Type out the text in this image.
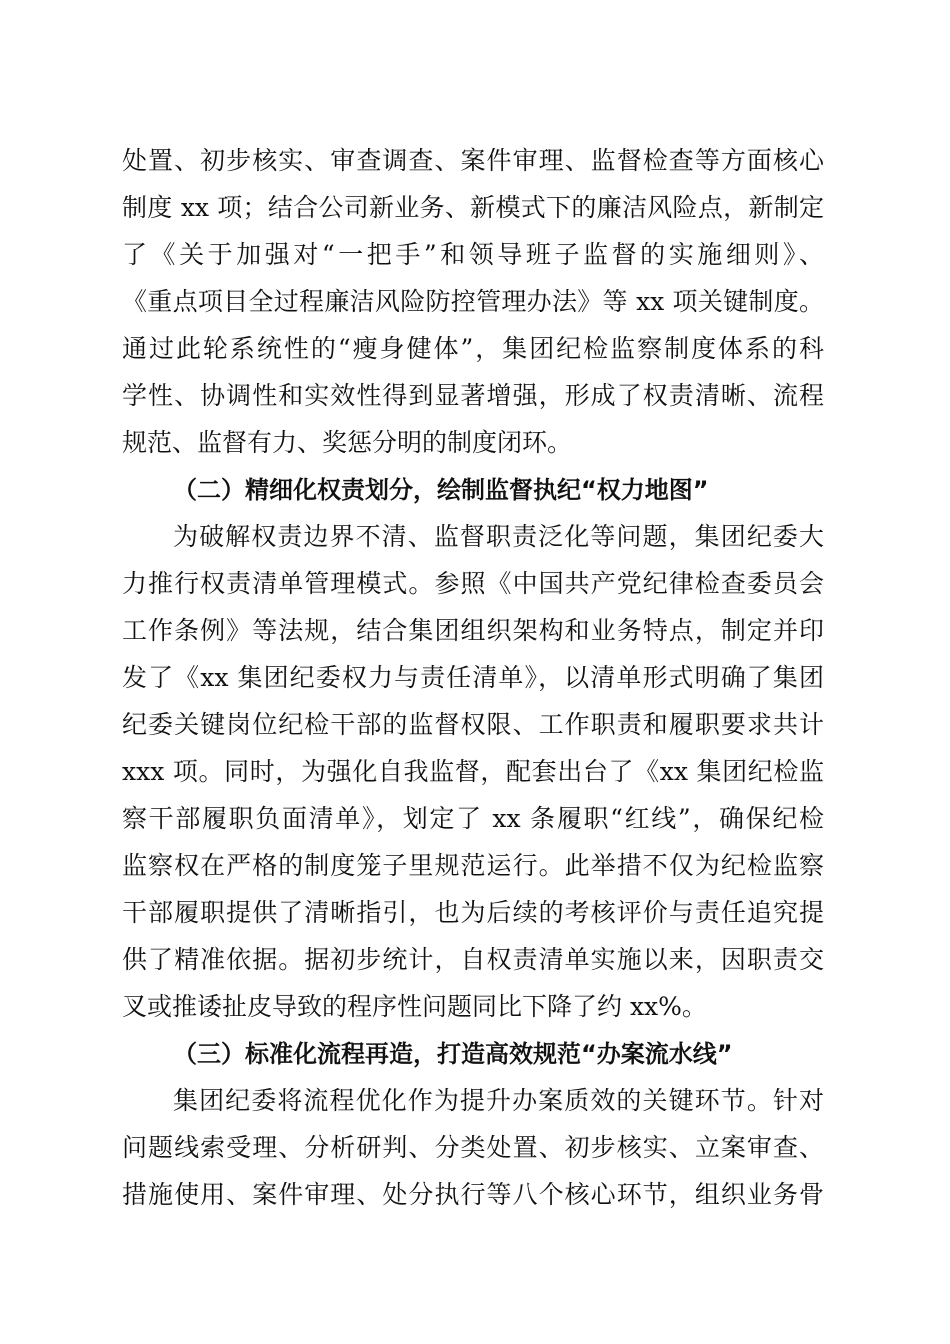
处置、初步核实、审查调查、案件审理、监督检查等方面核心
制度 xx 项；结合公司新业务、新模式下的廉洁风险点，新制定
了《关于加强对“一把手”和领导班子监督的实施细则》、
《重点项目全过程廉洁风险防控管理办法》等 xx 项关键制度。
通过此轮系统性的“瘦身健体”，集团纪检监察制度体系的科
学性、协调性和实效性得到显著增强，形成了权责清晰、流程
规范、监督有力、奖惩分明的制度闭环。
（二）精细化权责划分，绘制监督执纪“权力地图”
为破解权责边界不清、监督职责泛化等问题，集团纪委大
力推行权责清单管理模式。参照《中国共产党纪律检查委员会
工作条例》等法规，结合集团组织架构和业务特点，制定并印
发了《xx 集团纪委权力与责任清单》，以清单形式明确了集团
纪委关键岗位纪检干部的监督权限、工作职责和履职要求共计
xxx 项。同时，为强化自我监督，配套出台了《xx 集团纪检监
察干部履职负面清单》，划定了 xx 条履职“红线”，确保纪检
监察权在严格的制度笼子里规范运行。此举措不仅为纪检监察
干部履职提供了清晰指引，也为后续的考核评价与责任追究提
供了精准依据。据初步统计，自权责清单实施以来，因职责交
叉或推诿扯皮导致的程序性问题同比下降了约 xx%。
（三）标准化流程再造，打造高效规范“办案流水线”
集团纪委将流程优化作为提升办案质效的关键环节。针对
问题线索受理、分析研判、分类处置、初步核实、立案审查、
措施使用、案件审理、处分执行等八个核心环节，组织业务骨
